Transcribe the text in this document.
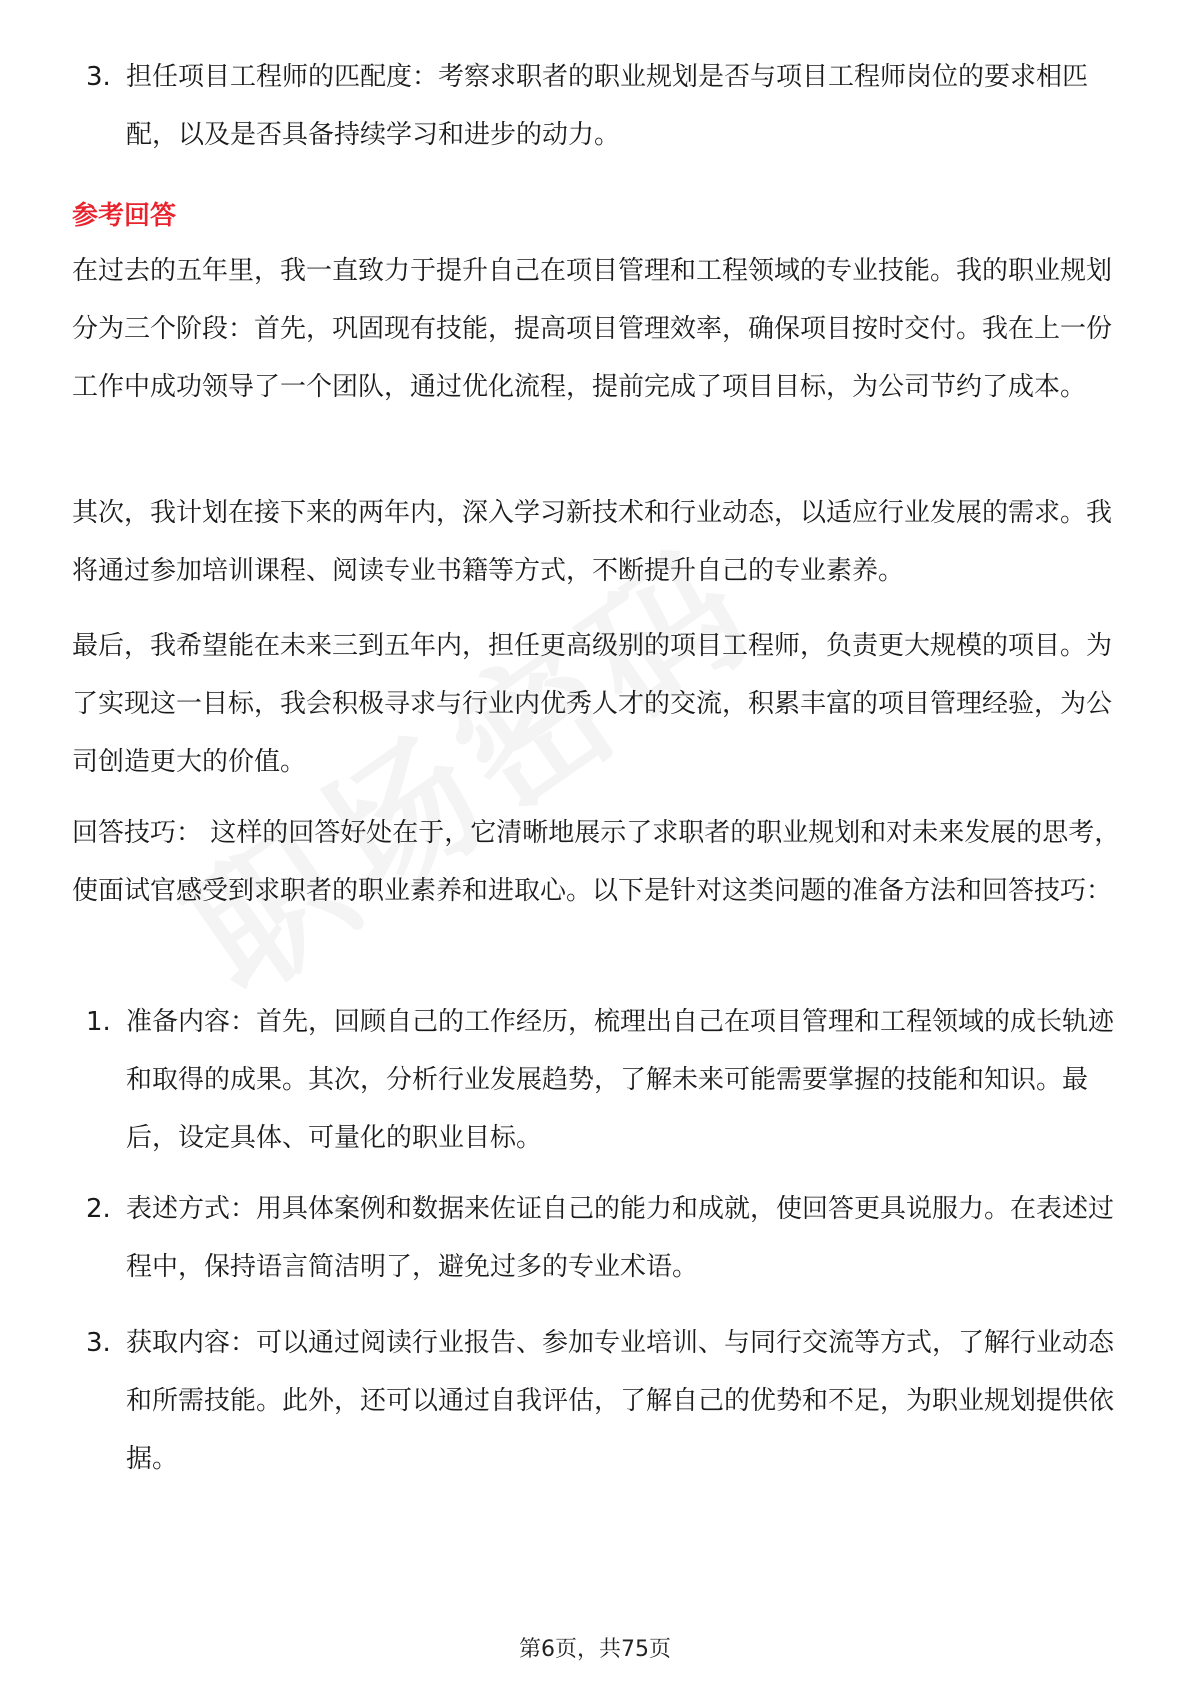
3. 担任项目工程师的匹配度：考察求职者的职业规划是否与项目工程师岗位的要求相匹配，以及是否具备持续学习和进步的动力。
参考回答

在过去的五年里，我一直致力于提升自己在项目管理和工程领域的专业技能。我的职业规划分为三个阶段：首先，巩固现有技能，提高项目管理效率，确保项目按时交付。我在上一份工作中成功领导了一个团队，通过优化流程，提前完成了项目目标，为公司节约了成本。

其次，我计划在接下来的两年内，深入学习新技术和行业动态，以适应行业发展的需求。我将通过参加培训课程、阅读专业书籍等方式，不断提升自己的专业素养。

最后，我希望能在未来三到五年内，担任更高级别的项目工程师，负责更大规模的项目。为了实现这一目标，我会积极寻求与行业内优秀人才的交流，积累丰富的项目管理经验，为公司创造更大的价值。

回答技巧： 这样的回答好处在于，它清晰地展示了求职者的职业规划和对未来发展的思考，使面试官感受到求职者的职业素养和进取心。以下是针对这类问题的准备方法和回答技巧：

1. 准备内容：首先，回顾自己的工作经历，梳理出自己在项目管理和工程领域的成长轨迹和取得的成果。其次，分析行业发展趋势，了解未来可能需要掌握的技能和知识。最后，设定具体、可量化的职业目标。
2. 表述方式：用具体案例和数据来佐证自己的能力和成就，使回答更具说服力。在表述过程中，保持语言简洁明了，避免过多的专业术语。
3. 获取内容：可以通过阅读行业报告、参加专业培训、与同行交流等方式，了解行业动态和所需技能。此外，还可以通过自我评估，了解自己的优势和不足，为职业规划提供依据。
第6页，共75页
